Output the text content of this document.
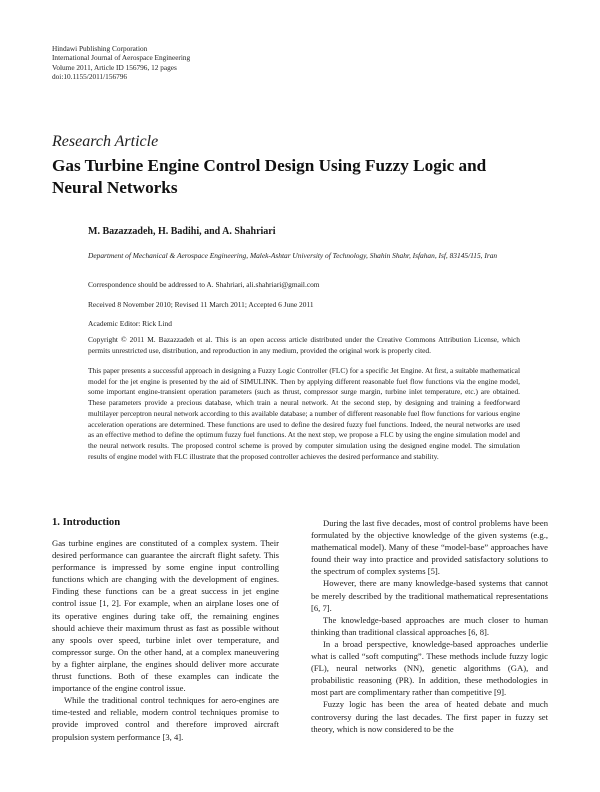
Hindawi Publishing Corporation
International Journal of Aerospace Engineering
Volume 2011, Article ID 156796, 12 pages
doi:10.1155/2011/156796
Research Article
Gas Turbine Engine Control Design Using Fuzzy Logic and Neural Networks
M. Bazazzadeh, H. Badihi, and A. Shahriari
Department of Mechanical & Aerospace Engineering, Malek-Ashtar University of Technology, Shahin Shahr, Isfahan, Isf, 83145/115, Iran
Correspondence should be addressed to A. Shahriari, ali.shahriari@gmail.com
Received 8 November 2010; Revised 11 March 2011; Accepted 6 June 2011
Academic Editor: Rick Lind
Copyright © 2011 M. Bazazzadeh et al. This is an open access article distributed under the Creative Commons Attribution License, which permits unrestricted use, distribution, and reproduction in any medium, provided the original work is properly cited.
This paper presents a successful approach in designing a Fuzzy Logic Controller (FLC) for a specific Jet Engine. At first, a suitable mathematical model for the jet engine is presented by the aid of SIMULINK. Then by applying different reasonable fuel flow functions via the engine model, some important engine-transient operation parameters (such as thrust, compressor surge margin, turbine inlet temperature, etc.) are obtained. These parameters provide a precious database, which train a neural network. At the second step, by designing and training a feedforward multilayer perceptron neural network according to this available database; a number of different reasonable fuel flow functions for various engine acceleration operations are determined. These functions are used to define the desired fuzzy fuel functions. Indeed, the neural networks are used as an effective method to define the optimum fuzzy fuel functions. At the next step, we propose a FLC by using the engine simulation model and the neural network results. The proposed control scheme is proved by computer simulation using the designed engine model. The simulation results of engine model with FLC illustrate that the proposed controller achieves the desired performance and stability.
1. Introduction

Gas turbine engines are constituted of a complex system. Their desired performance can guarantee the aircraft flight safety. This performance is impressed by some engine input controlling functions which are changing with the development of engines. Finding these functions can be a great success in jet engine control issue [1, 2]. For example, when an airplane loses one of its operative engines during take off, the remaining engines should achieve their maximum thrust as fast as possible without any spools over speed, turbine inlet over temperature, and compressor surge. On the other hand, at a complex maneuvering by a fighter airplane, the engines should deliver more accurate thrust functions. Both of these examples can indicate the importance of the engine control issue.

While the traditional control techniques for aero-engines are time-tested and reliable, modern control techniques promise to provide improved control and therefore improved aircraft propulsion system performance [3, 4].

During the last five decades, most of control problems have been formulated by the objective knowledge of the given systems (e.g., mathematical model). Many of these “model-base” approaches have found their way into practice and provided satisfactory solutions to the spectrum of complex systems [5].

However, there are many knowledge-based systems that cannot be merely described by the traditional mathematical representations [6, 7].

The knowledge-based approaches are much closer to human thinking than traditional classical approaches [6, 8].

In a broad perspective, knowledge-based approaches underlie what is called “soft computing”. These methods include fuzzy logic (FL), neural networks (NN), genetic algorithms (GA), and probabilistic reasoning (PR). In addition, these methodologies in most part are complimentary rather than competitive [9].

Fuzzy logic has been the area of heated debate and much controversy during the last decades. The first paper in fuzzy set theory, which is now considered to be the
